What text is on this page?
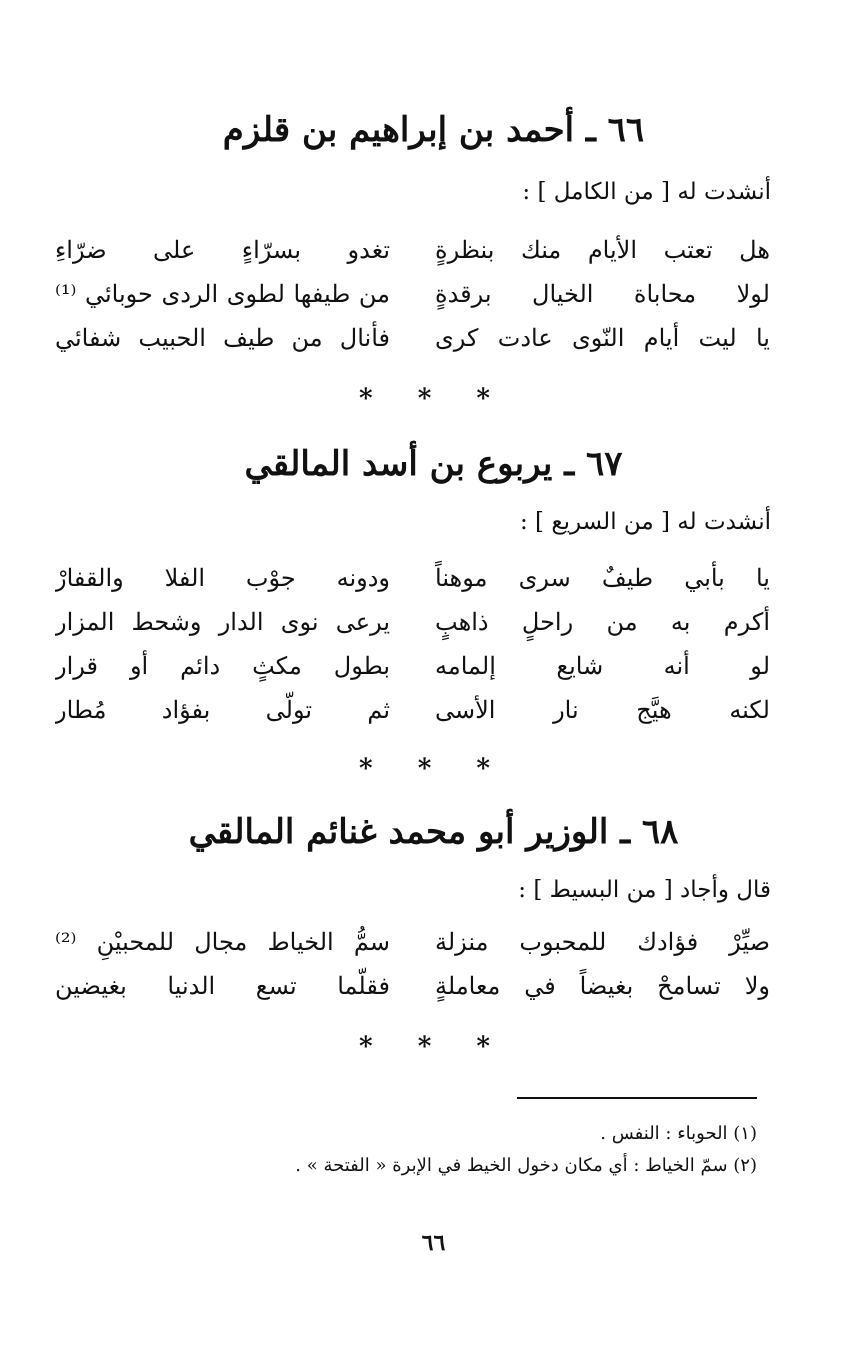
٦٦ ـ أحمد بن إبراهيم بن قلزم
أنشدت له [ من الكامل ] :
هل تعتب الأيام منك بنظرةٍ
تغدو بسرّاءٍ على ضرّاءِ
لولا محاباة الخيال برقدةٍ
من طيفها لطوى الردى حوبائي ⁽¹⁾
يا ليت أيام النّوى عادت كرى
فأنال من طيف الحبيب شفائي
* * *
٦٧ ـ يربوع بن أسد المالقي
أنشدت له [ من السريع ] :
يا بأبي طيفٌ سرى موهناً
ودونه جوْب الفلا والقفارْ
أكرم به من راحلٍ ذاهبٍ
يرعى نوى الدار وشحط المزار
لو أنه شايع إلمامه
بطول مكثٍ دائم أو قرار
لكنه هيَّج نار الأسى
ثم تولّى بفؤاد مُطار
* * *
٦٨ ـ الوزير أبو محمد غنائم المالقي
قال وأجاد [ من البسيط ] :
صيِّرْ فؤادك للمحبوب منزلة
سمُّ الخياط مجال للمحبيْنِ ⁽²⁾
ولا تسامحْ بغيضاً في معاملةٍ
فقلّما تسع الدنيا بغيضين
* * *
(١) الحوباء : النفس .
(٢) سمّ الخياط : أي مكان دخول الخيط في الإبرة « الفتحة » .
٦٦
